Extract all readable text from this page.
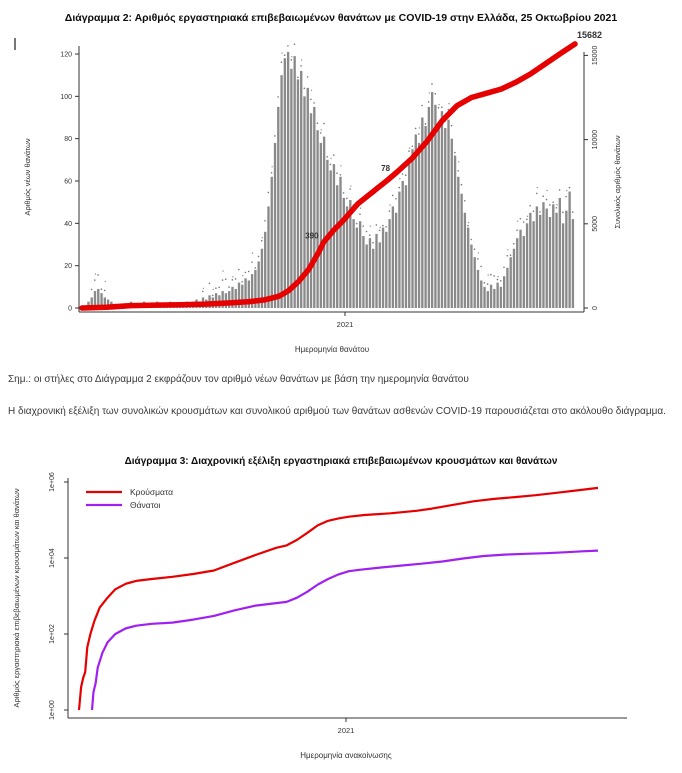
Διάγραμμα 2: Αριθμός εργαστηριακά επιβεβαιωμένων θανάτων με COVID-19 στην Ελλάδα, 25 Οκτωβρίου 2021
Αριθμός νέων θανάτων	Συνολικός αριθμός θανάτων
2021
Ημερομηνία θανάτου
0
20
40
60
80
100
120
0
5000
10000
15000
390
78
15682
Αριθμός εργαστηριακά επιβεβαιωμένων κρουσμάτων και θανάτων
2021
Ημερομηνία ανακοίνωσης
1e+00
1e+02
1e+04
1e+06
Κρούσματα
Θάνατοι
Σημ.: οι στήλες στο Διάγραμμα 2 εκφράζουν τον αριθμό νέων θανάτων με βάση την ημερομηνία θανάτου
Η διαχρονική εξέλιξη των συνολικών κρουσμάτων και συνολικού αριθμού των θανάτων ασθενών COVID-19 παρουσιάζεται στο ακόλουθο διάγραμμα.
Διάγραμμα 3: Διαχρονική εξέλιξη εργαστηριακά επιβεβαιωμένων κρουσμάτων και θανάτων
